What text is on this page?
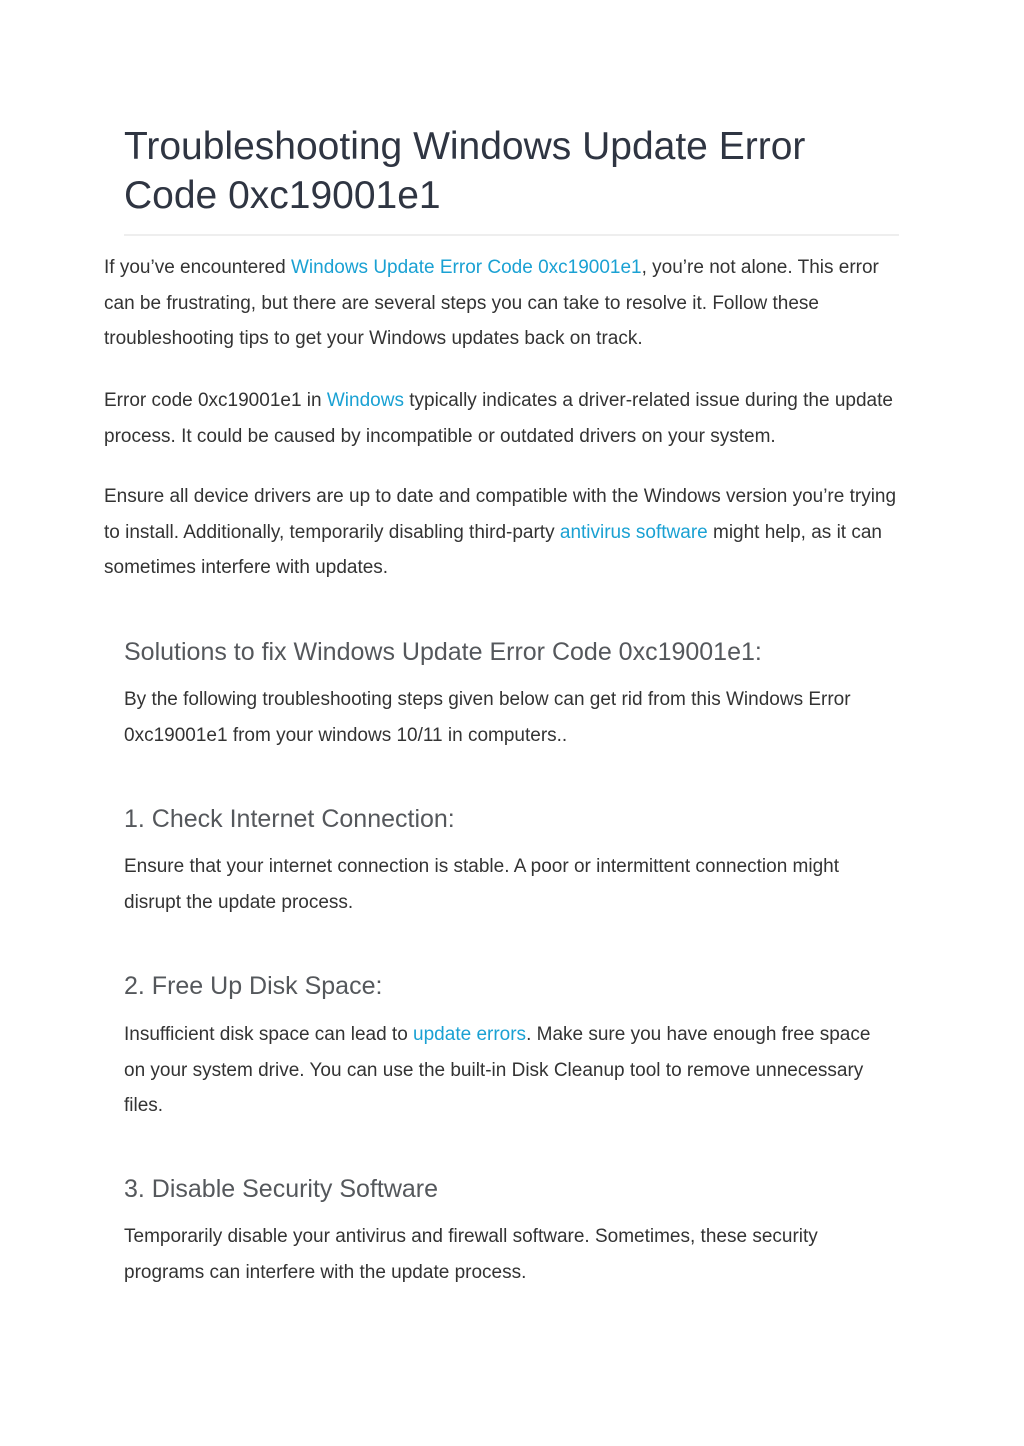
Troubleshooting Windows Update Error Code 0xc19001e1

If you’ve encountered Windows Update Error Code 0xc19001e1, you’re not alone. This error can be frustrating, but there are several steps you can take to resolve it. Follow these troubleshooting tips to get your Windows updates back on track.

Error code 0xc19001e1 in Windows typically indicates a driver-related issue during the update process. It could be caused by incompatible or outdated drivers on your system.

Ensure all device drivers are up to date and compatible with the Windows version you’re trying to install. Additionally, temporarily disabling third-party antivirus software might help, as it can sometimes interfere with updates.

Solutions to fix Windows Update Error Code 0xc19001e1:

By the following troubleshooting steps given below can get rid from this Windows Error 0xc19001e1 from your windows 10/11 in computers..

1. Check Internet Connection:

Ensure that your internet connection is stable. A poor or intermittent connection might disrupt the update process.

2. Free Up Disk Space:

Insufficient disk space can lead to update errors. Make sure you have enough free space on your system drive. You can use the built-in Disk Cleanup tool to remove unnecessary files.

3. Disable Security Software

Temporarily disable your antivirus and firewall software. Sometimes, these security programs can interfere with the update process.
